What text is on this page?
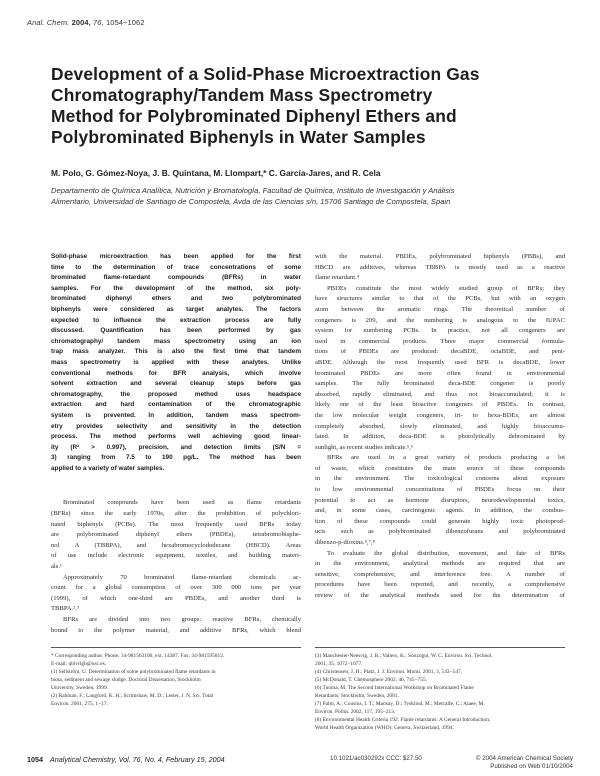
Anal. Chem. 2004, 76, 1054−1062
Development of a Solid-Phase Microextraction Gas
Chromatography/Tandem Mass Spectrometry
Method for Polybrominated Diphenyl Ethers and
Polybrominated Biphenyls in Water Samples
M. Polo, G. Gómez-Noya, J. B. Quintana, M. Llompart,* C. García-Jares, and R. Cela
Departamento de Química Analítica, Nutrición y Bromatología, Facultad de Química, Instituto de Investigación y Análisis
Alimentario, Universidad de Santiago de Compostela, Avda de las Ciencias s/n, 15706 Santiago de Compostela, Spain
Solid-phase microextraction has been applied for the first
time to the determination of trace concentrations of some
brominated flame-retardant compounds (BFRs) in water
samples. For the development of the method, six poly-
brominated diphenyl ethers and two polybrominated
biphenyls were considered as target analytes. The factors
expected to influence the extraction process are fully
discussed. Quantification has been performed by gas
chromatography/ tandem mass spectrometry using an ion
trap mass analyzer. This is also the first time that tandem
mass spectrometry is applied with these analytes. Unlike
conventional methods for BFR analysis, which involve
solvent extraction and several cleanup steps before gas
chromatography, the proposed method uses headspace
extraction and hard contamination of the chromatographic
system is prevented. In addition, tandem mass spectrom-
etry provides selectivity and sensitivity in the detection
process. The method performs well achieving good linear-
ity (R² > 0.997), precision, and detection limits (S/N =
3) ranging from 7.5 to 190 pg/L. The method has been
applied to a variety of water samples.
Brominated compounds have been used as flame retardants
(BFRs) since the early 1970s, after the prohibition of polychlori-
nated biphenyls (PCBs). The most frequently used BFRs today
are polybrominated diphenyl ethers (PBDEs), tetrabromobisphe-
nol A (TBBPA), and hexabromocyclododecane (HBCD). Areas
of use include electronic equipment, textiles, and building materi-
als.¹
Approximately 70 brominated flame-retardant chemicals ac-
count for a global consumption of over 300 000 tons per year
(1999), of which one-third are PBDEs, and another third is
TBBPA.²,³
BFRs are divided into two groups: reactive BFRs, chemically
bound to the polymer material, and additive BFRs, which blend
with the material. PBDEs, polybrominated biphenyls (PBBs), and
HBCD are additives, whereas TBBPA is mostly used as a reactive
flame retardant.⁴
PBDEs constitute the most widely studied group of BFRs; they
have structures similar to that of the PCBs, but with an oxygen
atom between the aromatic rings. The theoretical number of
congeners is 209, and the numbering is analogous to the IUPAC
system for numbering PCBs. In practice, not all congeners are
used in commercial products. Three major commercial formula-
tions of PBDEs are produced: decaBDE, octaBDE, and pent-
aBDE. Although the most frequently used BFR is decaBDE, lower
brominated PBDEs are more often found in environmental
samples. The fully brominated deca-BDE congener is poorly
absorbed, rapidly eliminated, and thus not bioaccumulated; it is
likely one of the least bioactive congeners of PBDEs. In contrast,
the low molecular weight congeners, tri- to hexa-BDEs, are almost
completely absorbed, slowly eliminated, and highly bioaccumu-
lated. In addition, deca-BDE is photolytically debrominated by
sunlight, as recent studies indicate.⁵,⁶
BFRs are used in a great variety of products producing a lot
of waste, which constitutes the main source of these compounds
in the environment. The toxicological concerns about exposure
to low environmental concentrations of PBDEs focus on their
potential to act as hormone disruptors, neurodevelopmental toxics,
and, in some cases, carcinogenic agents. In addition, the combus-
tion of these compounds could generate highly toxic photoprod-
ucts such as polybrominated dibenzofurans and polybrominated
dibenzo-p-dioxins.⁵,⁷,⁸
To evaluate the global distribution, movement, and fate of BFRs
in the environment, analytical methods are required that are
sensitive, comprehensive, and interference free. A number of
procedures have been reported, and recently, a comprehensive
review of the analytical methods used for the determination of
* Corresponding author. Phone: 34-981563100, ext. 14387. Fax: 34-981595012.
E-mail: qblvrlgb@usc.es.
(1) Sellström, U. Determination of some polybrominated flame retardants in
biota, sediment and sewage sludge. Doctoral Dissertation, Stockholm
University, Sweden, 1999.
(2) Rahman, F.; Langford, K. H.; Scrimshaw, M. D.; Lester, J. N. Sci. Total
Environ. 2001, 275, 1−17.
(3) Manchester-Neesvig, J. B.; Valters, K.; Sonzogni, W. C. Environ. Sci. Technol.
2001, 35, 1072−1077.
(4) Christensen, J. H.; Platz, J. J. Environ. Monit. 2001, 3, 543−547.
(5) McDonald, T. Chemosphere 2002, 46, 745−755.
(6) Tuoma, M. The Second International Workshop on Brominated Flame
Retardants; Stockholm, Sweden, 2001.
(7) Palm, A.; Cousins, I. T.; Mackay, D.; Tysklind, M.; Metcalfe, C.; Alaee, M.
Environ. Pollut. 2002, 117, 195−213.
(8) Environmental Health Criteria 192. Flame retardants: A General Introduction;
World Health Organization (WHO): Geneva, Switzerland, 1994.
1054 Analytical Chemistry, Vol. 76, No. 4, February 15, 2004	10.1021/ac030292x CCC: $27.50	© 2004 American Chemical Society
Published on Web 01/10/2004
